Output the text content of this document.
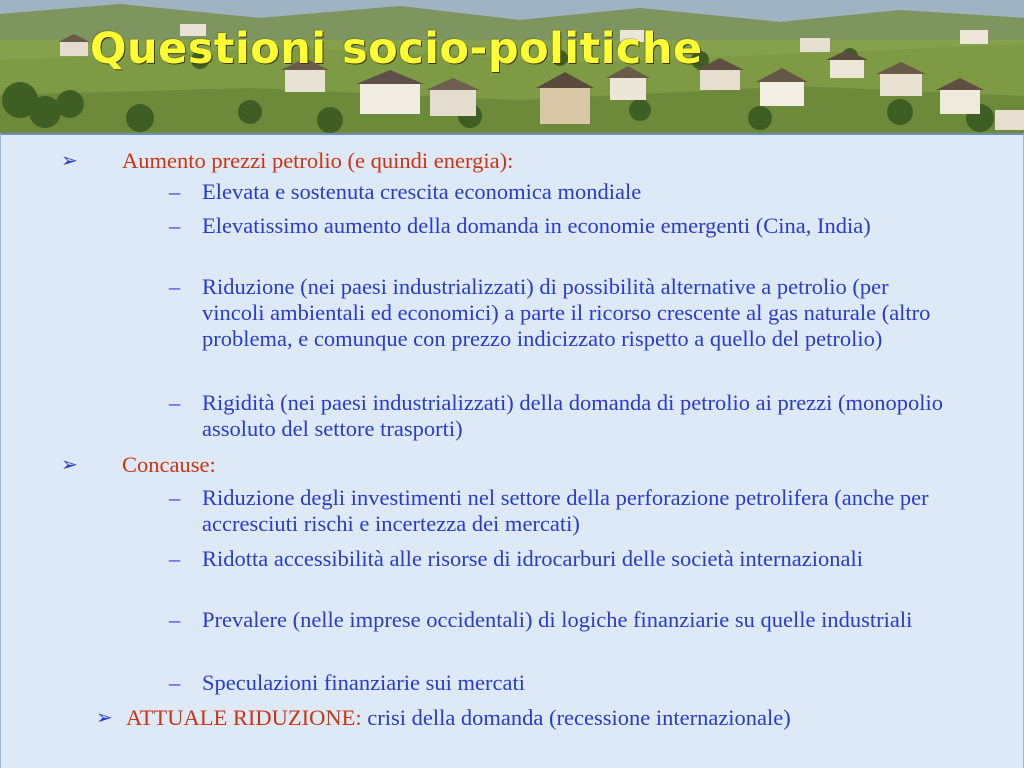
Questioni socio-politiche
➢ Aumento prezzi petrolio (e quindi energia):
– Elevata e sostenuta crescita economica mondiale
– Elevatissimo aumento della domanda in economie emergenti (Cina, India)
– Riduzione (nei paesi industrializzati) di possibilità alternative a petrolio (per vincoli ambientali ed economici) a parte il ricorso crescente al gas naturale (altro problema, e comunque con prezzo indicizzato rispetto a quello del petrolio)
– Rigidità (nei paesi industrializzati) della domanda di petrolio ai prezzi (monopolio assoluto del settore trasporti)
➢ Concause:
– Riduzione degli investimenti nel settore della perforazione petrolifera (anche per accresciuti rischi e incertezza dei mercati)
– Ridotta accessibilità alle risorse di idrocarburi delle società internazionali
– Prevalere (nelle imprese occidentali) di logiche finanziarie su quelle industriali
– Speculazioni finanziarie sui mercati
➢ ATTUALE RIDUZIONE: crisi della domanda (recessione internazionale)
